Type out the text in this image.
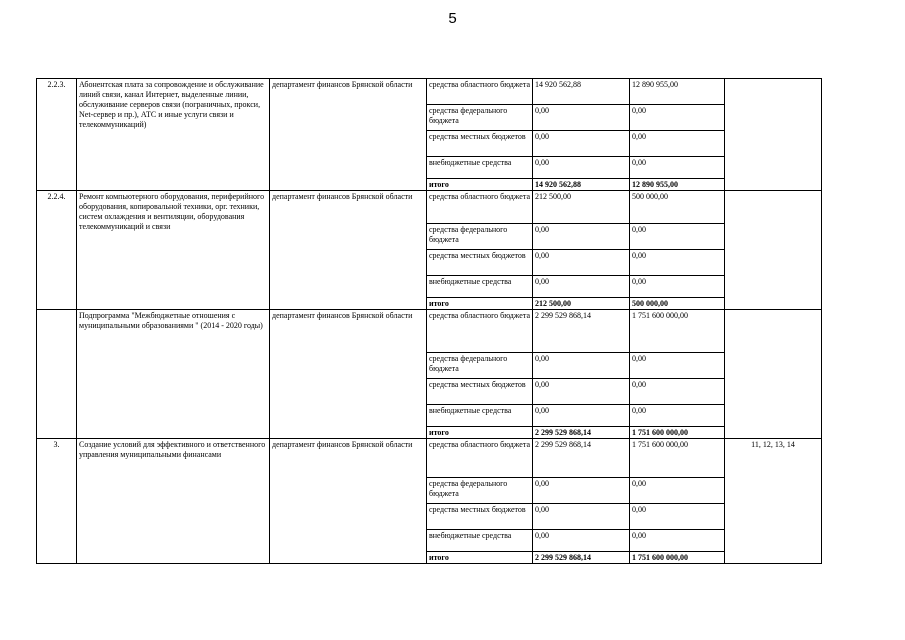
5
2.2.3.	Абонентская плата за сопровождение и обслуживание линий связи, канал Интернет, выделенные линии, обслуживание серверов связи (пограничных, прокси, Net-сервер и пр.), АТС и иные услуги связи и телекоммуникаций)	департамент финансов Брянской области	средства областного бюджета	14 920 562,88	12 890 955,00	
			средства федерального бюджета	0,00	0,00	
			средства местных бюджетов	0,00	0,00	
			внебюджетные средства	0,00	0,00	
			итого	14 920 562,88	12 890 955,00	
2.2.4.	Ремонт компьютерного оборудования, периферийного оборудования, копировальной техники, орг. техники, систем охлаждения и вентиляции, оборудования телекоммуникаций и связи	департамент финансов Брянской области	средства областного бюджета	212 500,00	500 000,00	
			средства федерального бюджета	0,00	0,00	
			средства местных бюджетов	0,00	0,00	
			внебюджетные средства	0,00	0,00	
			итого	212 500,00	500 000,00	
	Подпрограмма "Межбюджетные отношения с муниципальными образованиями " (2014 - 2020 годы)	департамент финансов Брянской области	средства областного бюджета	2 299 529 868,14	1 751 600 000,00	
			средства федерального бюджета	0,00	0,00	
			средства местных бюджетов	0,00	0,00	
			внебюджетные средства	0,00	0,00	
			итого	2 299 529 868,14	1 751 600 000,00	
3.	Создание условий для эффективного и ответственного управления муниципальными финансами	департамент финансов Брянской области	средства областного бюджета	2 299 529 868,14	1 751 600 000,00	11, 12, 13, 14
			средства федерального бюджета	0,00	0,00	
			средства местных бюджетов	0,00	0,00	
			внебюджетные средства	0,00	0,00	
			итого	2 299 529 868,14	1 751 600 000,00	
